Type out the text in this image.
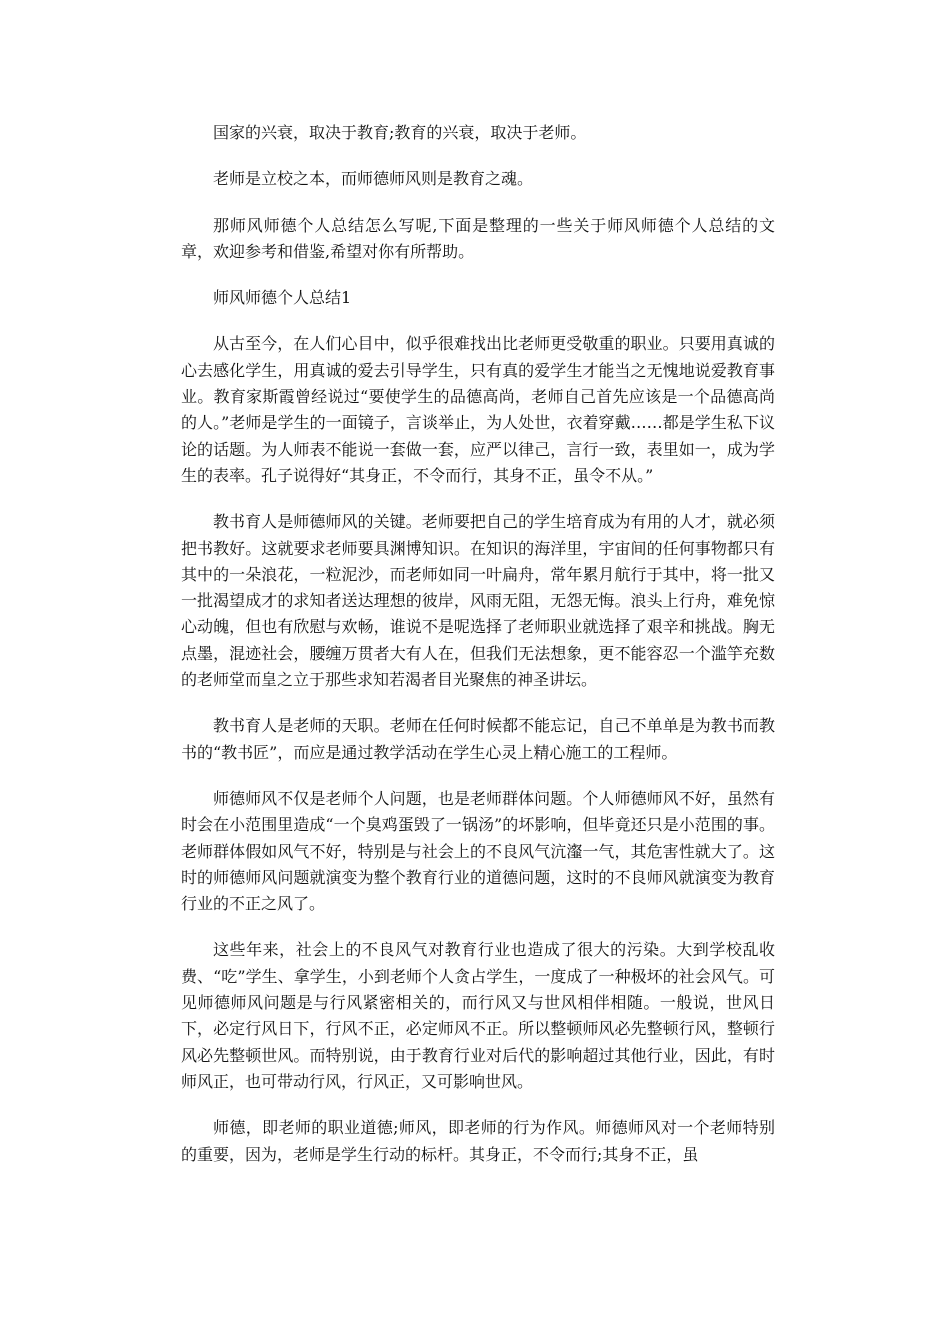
国家的兴衰，取决于教育;教育的兴衰，取决于老师。

老师是立校之本，而师德师风则是教育之魂。

那师风师德个人总结怎么写呢,下面是整理的一些关于师风师德个人总结的文章，欢迎参考和借鉴,希望对你有所帮助。

师风师德个人总结1

从古至今，在人们心目中，似乎很难找出比老师更受敬重的职业。只要用真诚的心去感化学生，用真诚的爱去引导学生，只有真的爱学生才能当之无愧地说爱教育事业。教育家斯霞曾经说过“要使学生的品德高尚，老师自己首先应该是一个品德高尚的人。”老师是学生的一面镜子，言谈举止，为人处世，衣着穿戴……都是学生私下议论的话题。为人师表不能说一套做一套，应严以律己，言行一致，表里如一，成为学生的表率。孔子说得好“其身正，不令而行，其身不正，虽令不从。”

教书育人是师德师风的关键。老师要把自己的学生培育成为有用的人才，就必须把书教好。这就要求老师要具渊博知识。在知识的海洋里，宇宙间的任何事物都只有其中的一朵浪花，一粒泥沙，而老师如同一叶扁舟，常年累月航行于其中，将一批又一批渴望成才的求知者送达理想的彼岸，风雨无阻，无怨无悔。浪头上行舟，难免惊心动魄，但也有欣慰与欢畅，谁说不是呢选择了老师职业就选择了艰辛和挑战。胸无点墨，混迹社会，腰缠万贯者大有人在，但我们无法想象，更不能容忍一个滥竽充数的老师堂而皇之立于那些求知若渴者目光聚焦的神圣讲坛。

教书育人是老师的天职。老师在任何时候都不能忘记，自己不单单是为教书而教书的“教书匠”，而应是通过教学活动在学生心灵上精心施工的工程师。

师德师风不仅是老师个人问题，也是老师群体问题。个人师德师风不好，虽然有时会在小范围里造成“一个臭鸡蛋毁了一锅汤”的坏影响，但毕竟还只是小范围的事。老师群体假如风气不好，特别是与社会上的不良风气沆瀣一气，其危害性就大了。这时的师德师风问题就演变为整个教育行业的道德问题，这时的不良师风就演变为教育行业的不正之风了。

这些年来，社会上的不良风气对教育行业也造成了很大的污染。大到学校乱收费、“吃”学生、拿学生，小到老师个人贪占学生，一度成了一种极坏的社会风气。可见师德师风问题是与行风紧密相关的，而行风又与世风相伴相随。一般说，世风日下，必定行风日下，行风不正，必定师风不正。所以整顿师风必先整顿行风，整顿行风必先整顿世风。而特别说，由于教育行业对后代的影响超过其他行业，因此，有时师风正，也可带动行风，行风正，又可影响世风。

师德，即老师的职业道德;师风，即老师的行为作风。师德师风对一个老师特别的重要，因为，老师是学生行动的标杆。其身正，不令而行;其身不正，虽
